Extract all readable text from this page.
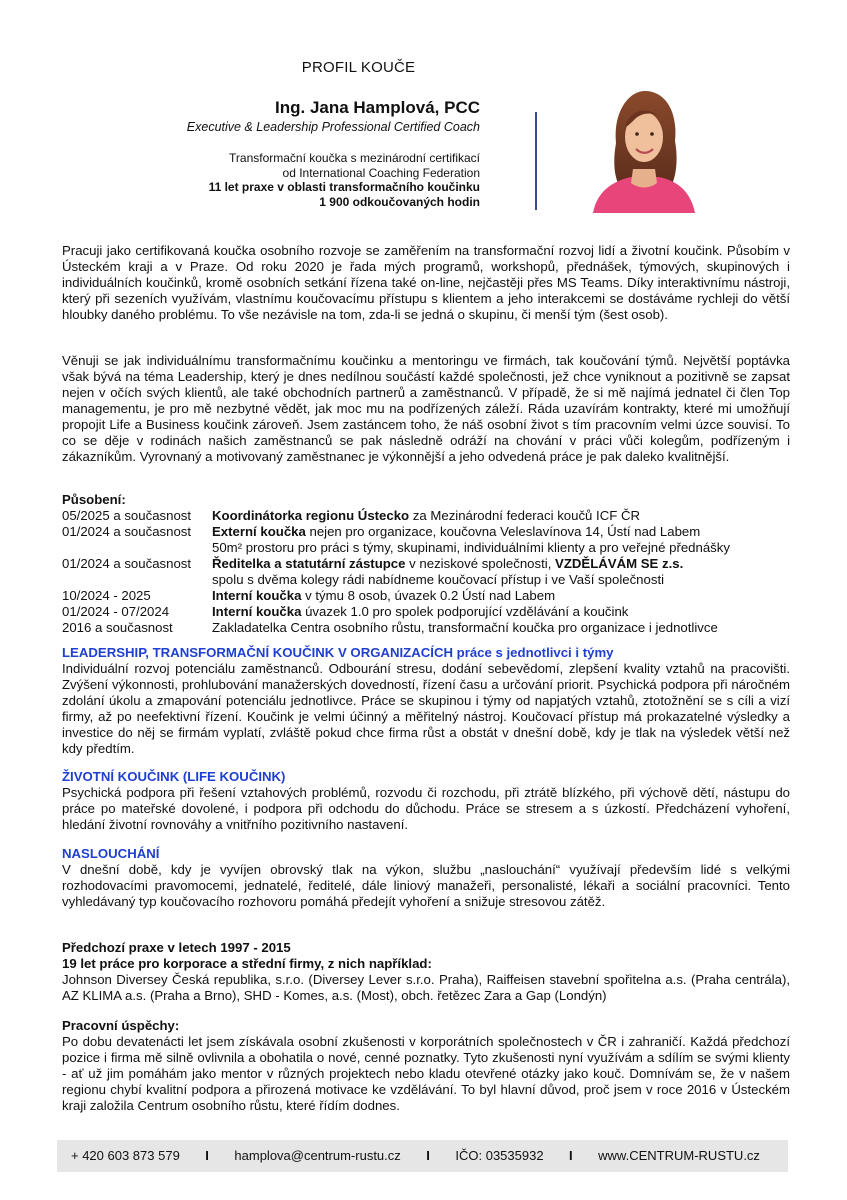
PROFIL KOUČE
Ing. Jana Hamplová, PCC
Executive & Leadership Professional Certified Coach
Transformační koučka s mezinárodní certifikací
od International Coaching Federation
11 let praxe v oblasti transformačního koučinku
1 900 odkoučovaných hodin
Pracuji jako certifikovaná koučka osobního rozvoje se zaměřením na transformační rozvoj lidí a životní koučink. Působím v Ústeckém kraji a v Praze. Od roku 2020 je řada mých programů, workshopů, přednášek, týmových, skupinových i individuálních koučinků, kromě osobních setkání řízena také on-line, nejčastěji přes MS Teams. Díky interaktivnímu nástroji, který při sezeních využívám, vlastnímu koučovacímu přístupu s klientem a jeho interakcemi se dostáváme rychleji do větší hloubky daného problému. To vše nezávisle na tom, zda-li se jedná o skupinu, či menší tým (šest osob).
Věnuji se jak individuálnímu transformačnímu koučinku a mentoringu ve firmách, tak koučování týmů. Největší poptávka však bývá na téma Leadership, který je dnes nedílnou součástí každé společnosti, jež chce vyniknout a pozitivně se zapsat nejen v očích svých klientů, ale také obchodních partnerů a zaměstnanců. V případě, že si mě najímá jednatel či člen Top managementu, je pro mě nezbytné vědět, jak moc mu na podřízených záleží. Ráda uzavírám kontrakty, které mi umožňují propojit Life a Business koučink zároveň. Jsem zastáncem toho, že náš osobní život s tím pracovním velmi úzce souvisí. To co se děje v rodinách našich zaměstnanců se pak následně odráží na chování v práci vůči kolegům, podřízeným i zákazníkům. Vyrovnaný a motivovaný zaměstnanec je výkonnější a jeho odvedená práce je pak daleko kvalitnější.
Působení:
05/2025 a současnost	Koordinátorka regionu Ústecko za Mezinárodní federaci koučů ICF ČR
01/2024 a současnost	Externí koučka nejen pro organizace, koučovna Veleslavínova 14, Ústí nad Labem
50m² prostoru pro práci s týmy, skupinami, individuálními klienty a pro veřejné přednášky
01/2024 a současnost	Ředitelka a statutární zástupce v neziskové společnosti, VZDĚLÁVÁM SE z.s.
spolu s dvěma kolegy rádi nabídneme koučovací přístup i ve Vaší společnosti
10/2024 - 2025	Interní koučka v týmu 8 osob, úvazek 0.2 Ústí nad Labem
01/2024 - 07/2024	Interní koučka úvazek 1.0 pro spolek podporující vzdělávání a koučink
2016 a současnost	Zakladatelka Centra osobního růstu, transformační koučka pro organizace i jednotlivce
LEADERSHIP, TRANSFORMAČNÍ KOUČINK V ORGANIZACÍCH práce s jednotlivci i týmy
Individuální rozvoj potenciálu zaměstnanců. Odbourání stresu, dodání sebevědomí, zlepšení kvality vztahů na pracovišti. Zvýšení výkonnosti, prohlubování manažerských dovedností, řízení času a určování priorit. Psychická podpora při náročném zdolání úkolu a zmapování potenciálu jednotlivce. Práce se skupinou i týmy od napjatých vztahů, ztotožnění se s cíli a vizí firmy, až po neefektivní řízení. Koučink je velmi účinný a měřitelný nástroj. Koučovací přístup má prokazatelné výsledky a investice do něj se firmám vyplatí, zvláště pokud chce firma růst a obstát v dnešní době, kdy je tlak na výsledek větší než kdy předtím.
ŽIVOTNÍ KOUČINK (LIFE KOUČINK)
Psychická podpora při řešení vztahových problémů, rozvodu či rozchodu, při ztrátě blízkého, při výchově dětí, nástupu do práce po mateřské dovolené, i podpora při odchodu do důchodu. Práce se stresem a s úzkostí. Předcházení vyhoření, hledání životní rovnováhy a vnitřního pozitivního nastavení.
NASLOUCHÁNÍ
V dnešní době, kdy je vyvíjen obrovský tlak na výkon, službu „naslouchání“ využívají především lidé s velkými rozhodovacími pravomocemi, jednatelé, ředitelé, dále liniový manažeři, personalisté, lékaři a sociální pracovníci. Tento vyhledávaný typ koučovacího rozhovoru pomáhá předejít vyhoření a snižuje stresovou zátěž.
Předchozí praxe v letech 1997 - 2015
19 let práce pro korporace a střední firmy, z nich například:
Johnson Diversey Česká republika, s.r.o. (Diversey Lever s.r.o. Praha), Raiffeisen stavební spořitelna a.s. (Praha centrála), AZ KLIMA a.s. (Praha a Brno), SHD - Komes, a.s. (Most), obch. řetězec Zara a Gap (Londýn)
Pracovní úspěchy:
Po dobu devatenácti let jsem získávala osobní zkušenosti v korporátních společnostech v ČR i zahraničí. Každá předchozí pozice i firma mě silně ovlivnila a obohatila o nové, cenné poznatky. Tyto zkušenosti nyní využívám a sdílím se svými klienty - ať už jim pomáhám jako mentor v různých projektech nebo kladu otevřené otázky jako kouč. Domnívám se, že v našem regionu chybí kvalitní podpora a přirozená motivace ke vzdělávání. To byl hlavní důvod, proč jsem v roce 2016 v Ústeckém kraji založila Centrum osobního růstu, které řídím dodnes.
+ 420 603 873 579 I hamplova@centrum-rustu.cz I IČO: 03535932 I www.CENTRUM-RUSTU.cz
